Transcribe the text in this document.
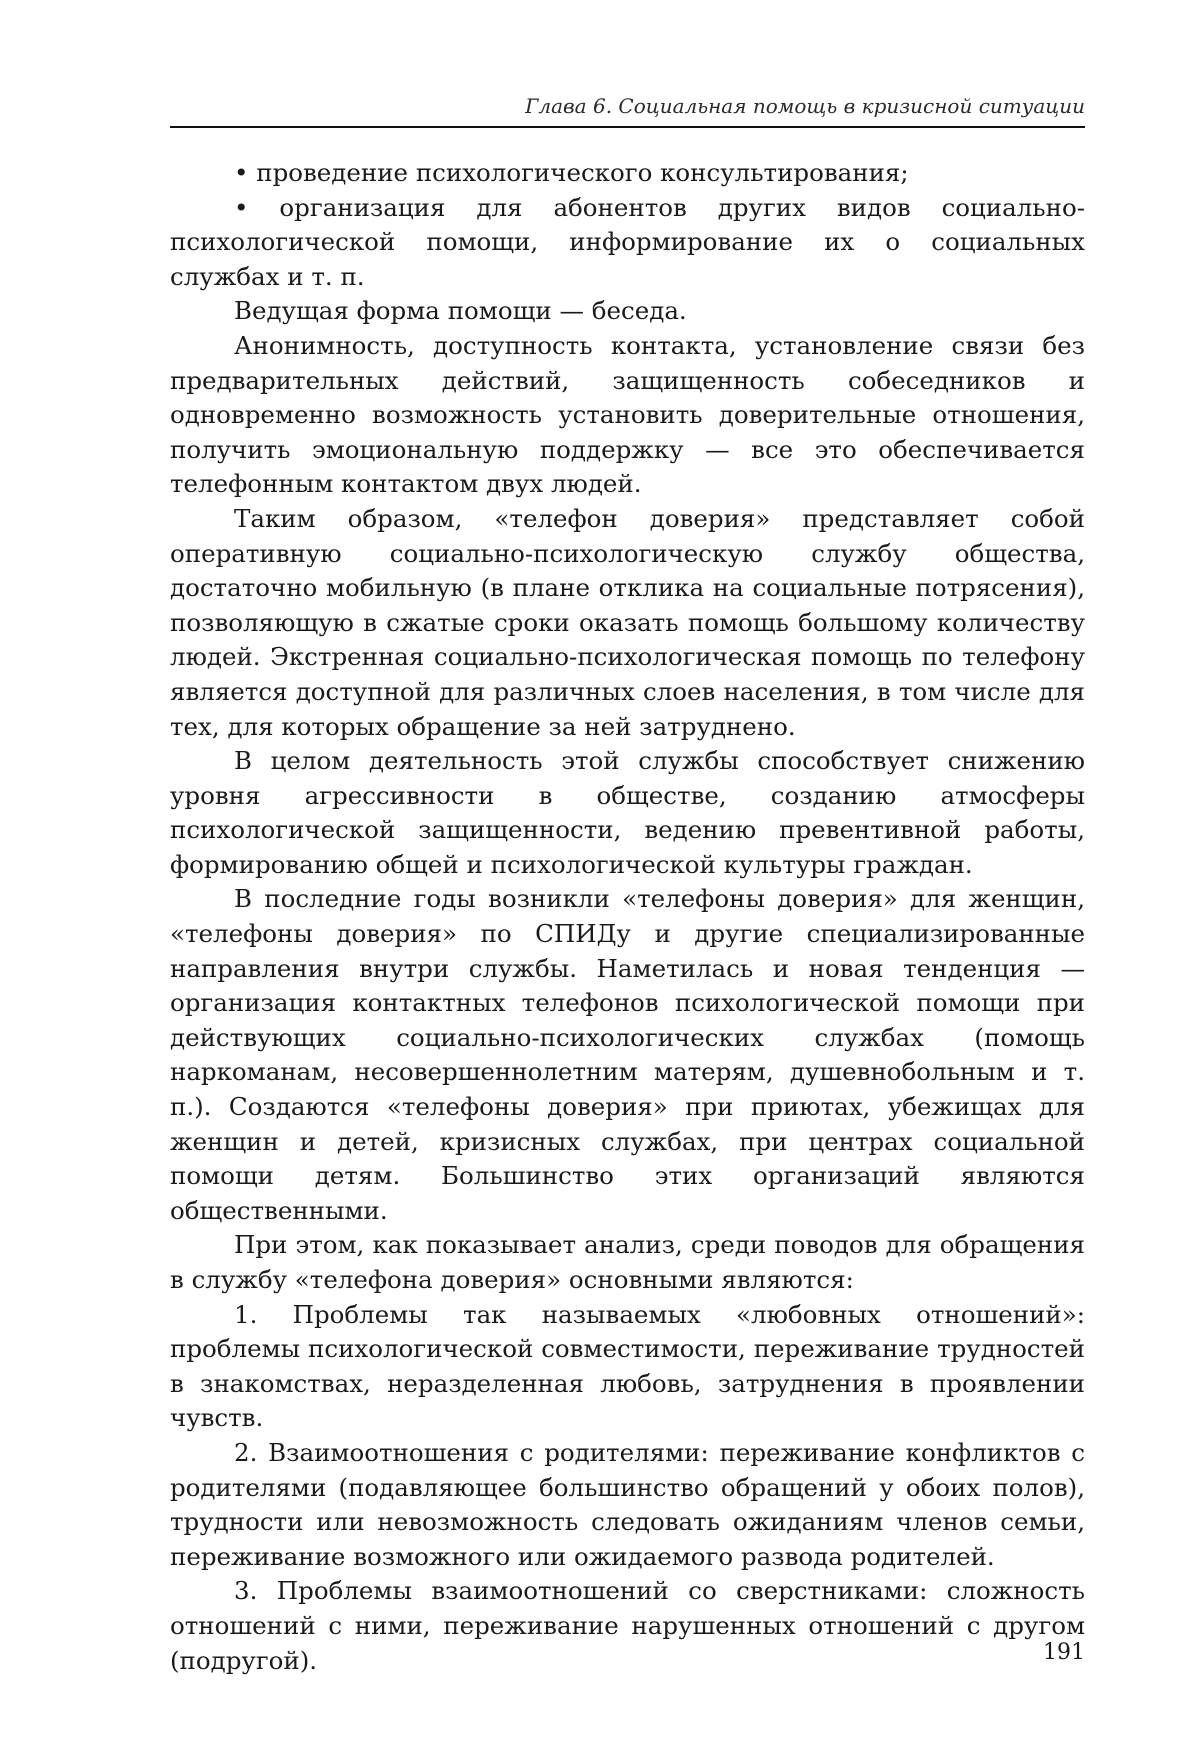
Глава 6. Социальная помощь в кризисной ситуации

• проведение психологического консультирования;

• организация для абонентов других видов социально-психологической помощи, информирование их о социальных службах и т. п.

Ведущая форма помощи — беседа.

Анонимность, доступность контакта, установление связи без предварительных действий, защищенность собеседников и одновременно возможность установить доверительные отношения, получить эмоциональную поддержку — все это обеспечивается телефонным контактом двух людей.

Таким образом, «телефон доверия» представляет собой оперативную социально-психологическую службу общества, достаточно мобильную (в плане отклика на социальные потрясения), позволяющую в сжатые сроки оказать помощь большому количеству людей. Экстренная социально-психологическая помощь по телефону является доступной для различных слоев населения, в том числе для тех, для которых обращение за ней затруднено.

В целом деятельность этой службы способствует снижению уровня агрессивности в обществе, созданию атмосферы психологической защищенности, ведению превентивной работы, формированию общей и психологической культуры граждан.

В последние годы возникли «телефоны доверия» для женщин, «телефоны доверия» по СПИДу и другие специализированные направления внутри службы. Наметилась и новая тенденция — организация контактных телефонов психологической помощи при действующих социально-психологических службах (помощь наркоманам, несовершеннолетним матерям, душевнобольным и т. п.). Создаются «телефоны доверия» при приютах, убежищах для женщин и детей, кризисных службах, при центрах социальной помощи детям. Большинство этих организаций являются общественными.

При этом, как показывает анализ, среди поводов для обращения в службу «телефона доверия» основными являются:

1. Проблемы так называемых «любовных отношений»: проблемы психологической совместимости, переживание трудностей в знакомствах, неразделенная любовь, затруднения в проявлении чувств.

2. Взаимоотношения с родителями: переживание конфликтов с родителями (подавляющее большинство обращений у обоих полов), трудности или невозможность следовать ожиданиям членов семьи, переживание возможного или ожидаемого развода родителей.

3. Проблемы взаимоотношений со сверстниками: сложность отношений с ними, переживание нарушенных отношений с другом (подругой).	191
